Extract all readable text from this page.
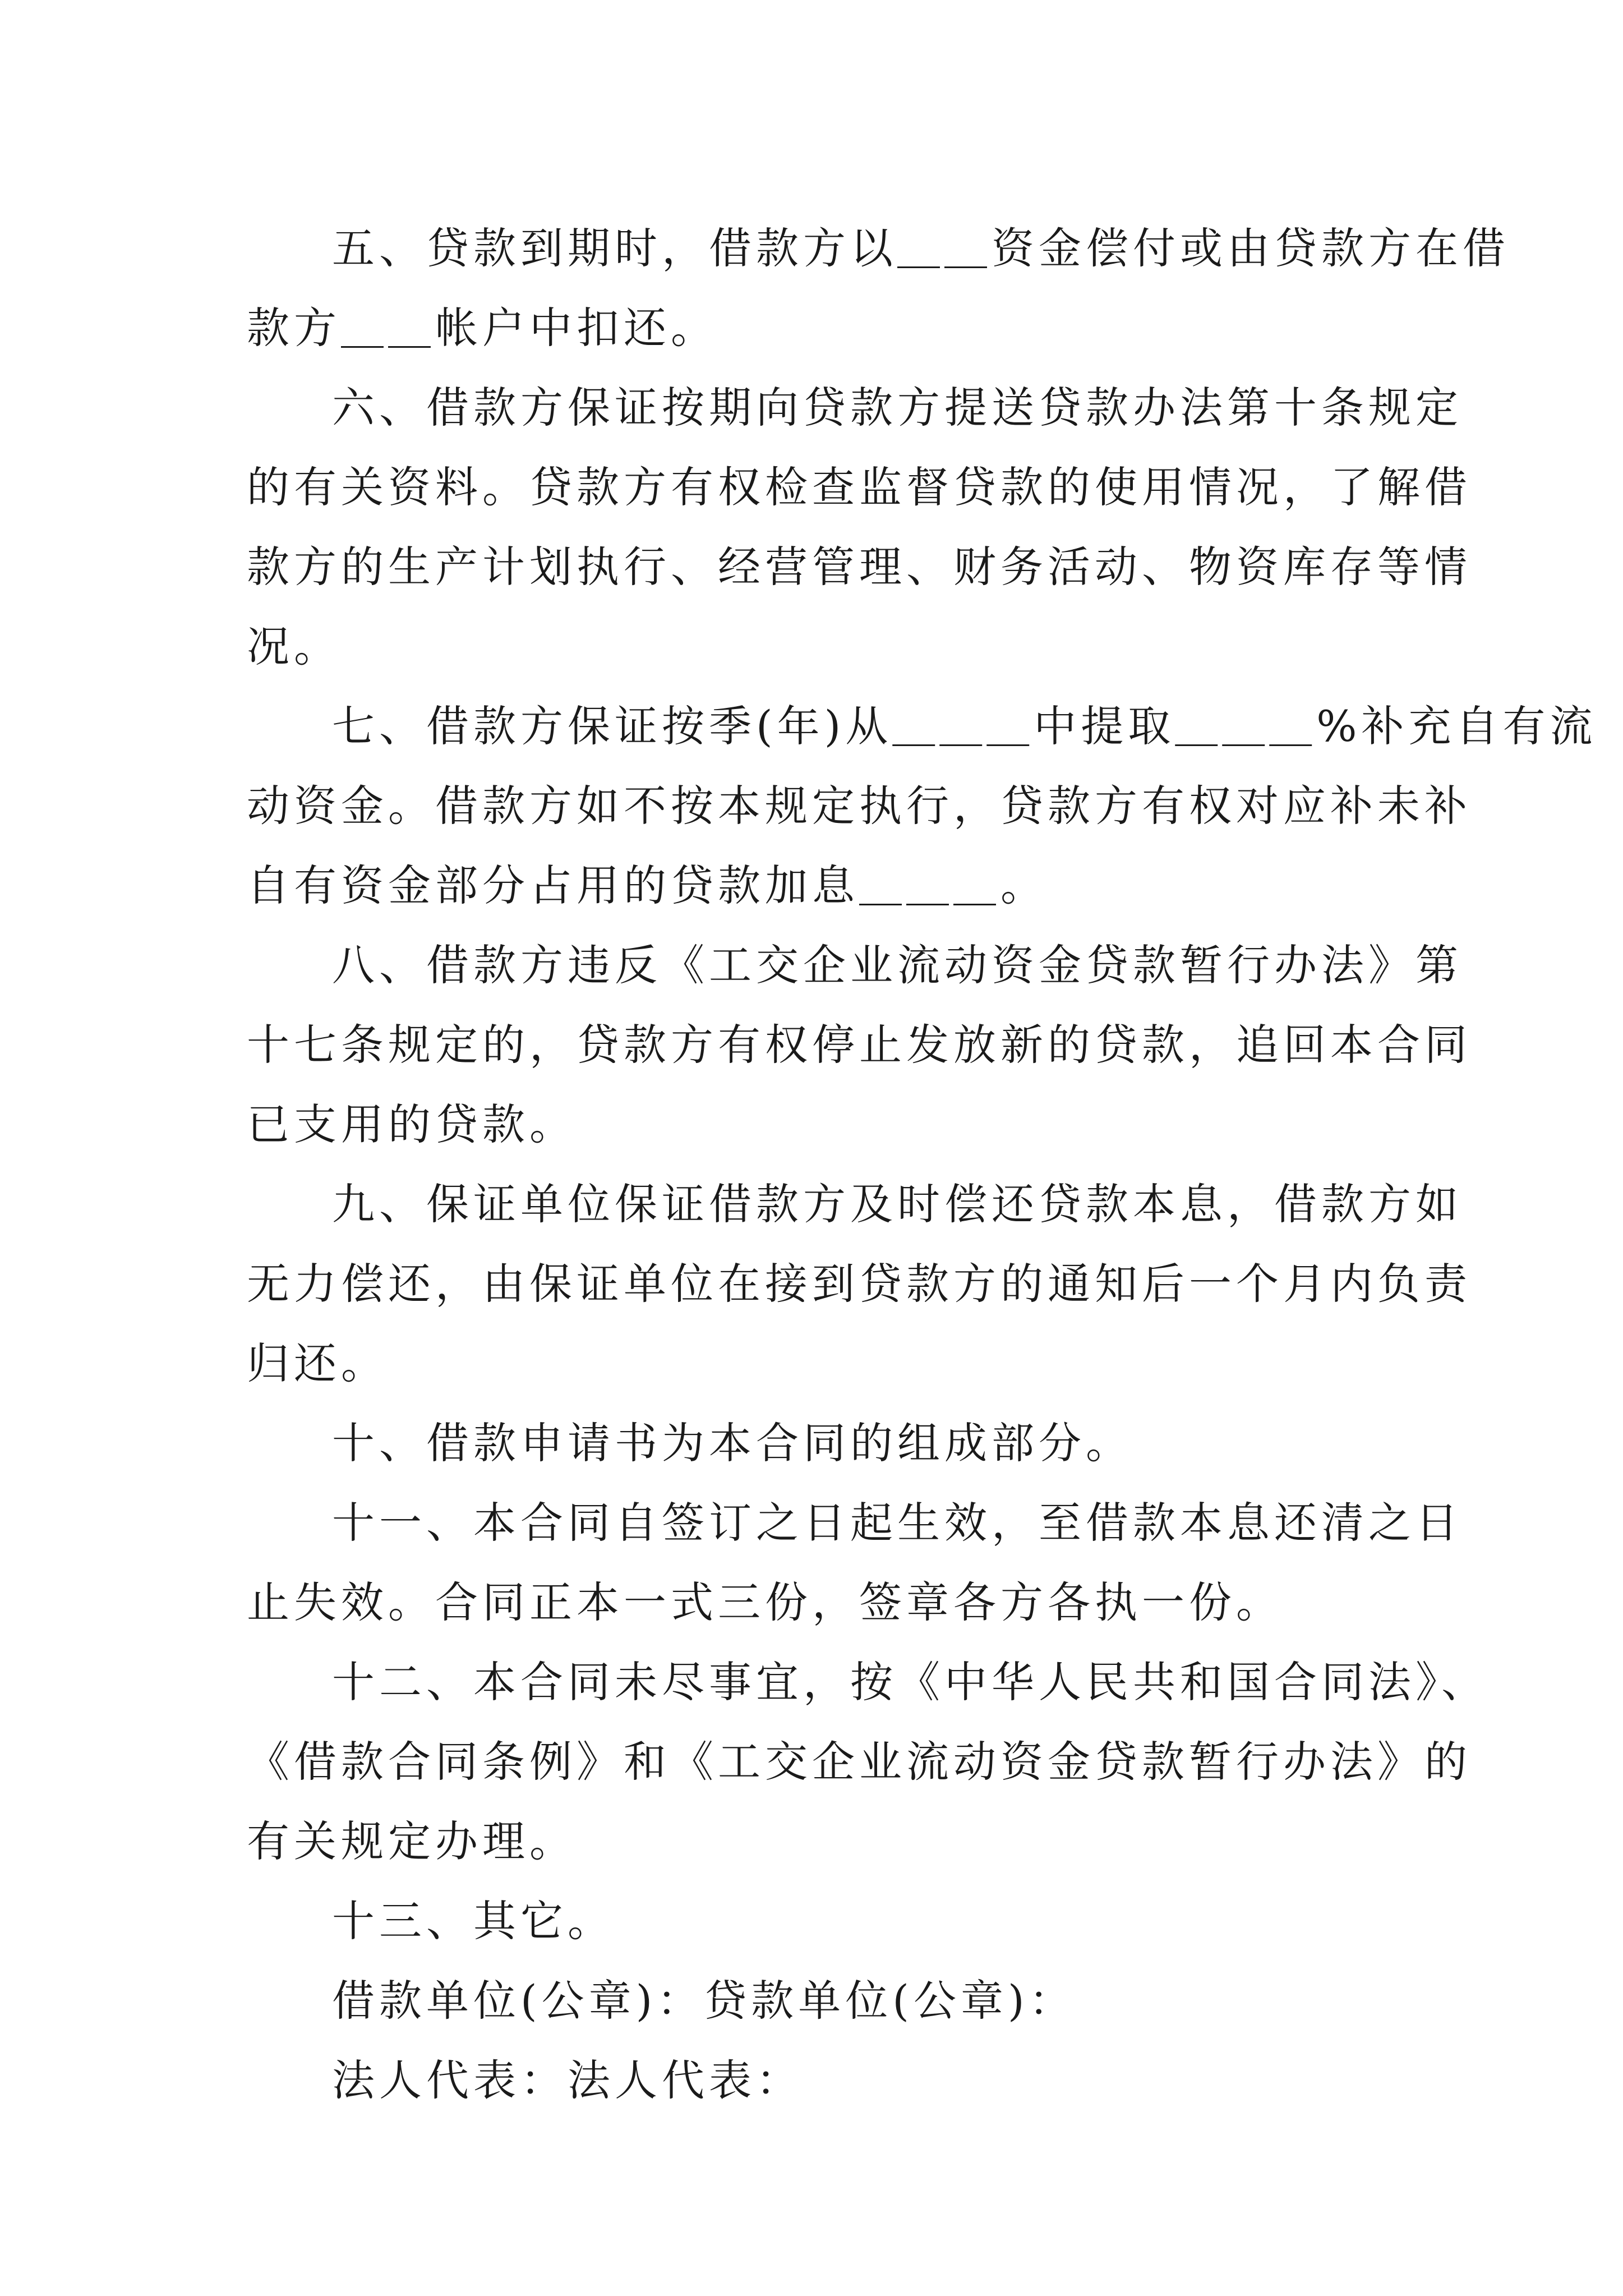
五、贷款到期时，借款方以＿＿资金偿付或由贷款方在借
款方＿＿帐户中扣还。
六、借款方保证按期向贷款方提送贷款办法第十条规定
的有关资料。贷款方有权检查监督贷款的使用情况，了解借
款方的生产计划执行、经营管理、财务活动、物资库存等情
况。
七、借款方保证按季(年)从＿＿＿中提取＿＿＿%补充自有流
动资金。借款方如不按本规定执行，贷款方有权对应补未补
自有资金部分占用的贷款加息＿＿＿。
八、借款方违反《工交企业流动资金贷款暂行办法》第
十七条规定的，贷款方有权停止发放新的贷款，追回本合同
已支用的贷款。
九、保证单位保证借款方及时偿还贷款本息，借款方如
无力偿还，由保证单位在接到贷款方的通知后一个月内负责
归还。
十、借款申请书为本合同的组成部分。
十一、本合同自签订之日起生效，至借款本息还清之日
止失效。合同正本一式三份，签章各方各执一份。
十二、本合同未尽事宜，按《中华人民共和国合同法》、
《借款合同条例》和《工交企业流动资金贷款暂行办法》的
有关规定办理。
十三、其它。
借款单位(公章)：贷款单位(公章)：
法人代表：法人代表：
